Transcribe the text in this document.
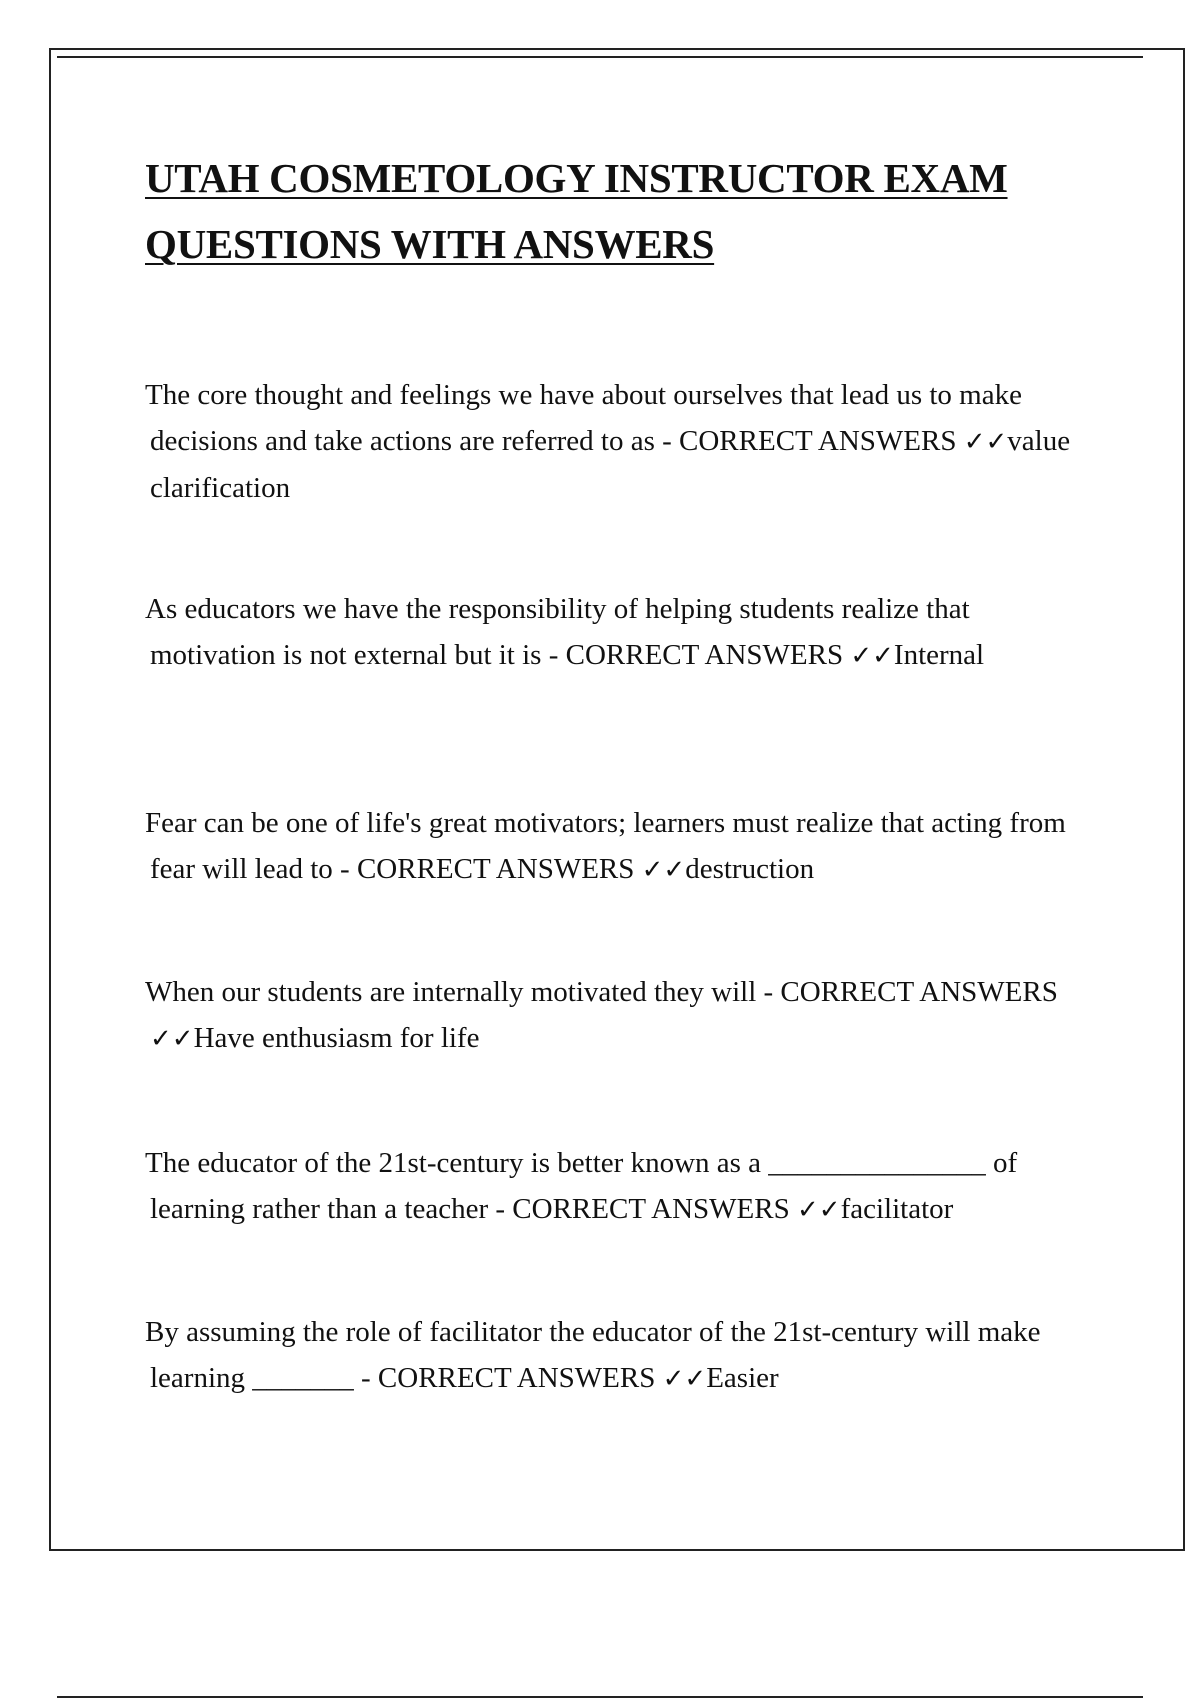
UTAH COSMETOLOGY INSTRUCTOR EXAM
QUESTIONS WITH ANSWERS

The core thought and feelings we have about ourselves that lead us to make decisions and take actions are referred to as - CORRECT ANSWERS ✓✓value clarification

As educators we have the responsibility of helping students realize that motivation is not external but it is - CORRECT ANSWERS ✓✓Internal

Fear can be one of life's great motivators; learners must realize that acting from fear will lead to - CORRECT ANSWERS ✓✓destruction

When our students are internally motivated they will - CORRECT ANSWERS ✓✓Have enthusiasm for life

The educator of the 21st-century is better known as a _______________ of learning rather than a teacher - CORRECT ANSWERS ✓✓facilitator

By assuming the role of facilitator the educator of the 21st-century will make learning _______ - CORRECT ANSWERS ✓✓Easier
